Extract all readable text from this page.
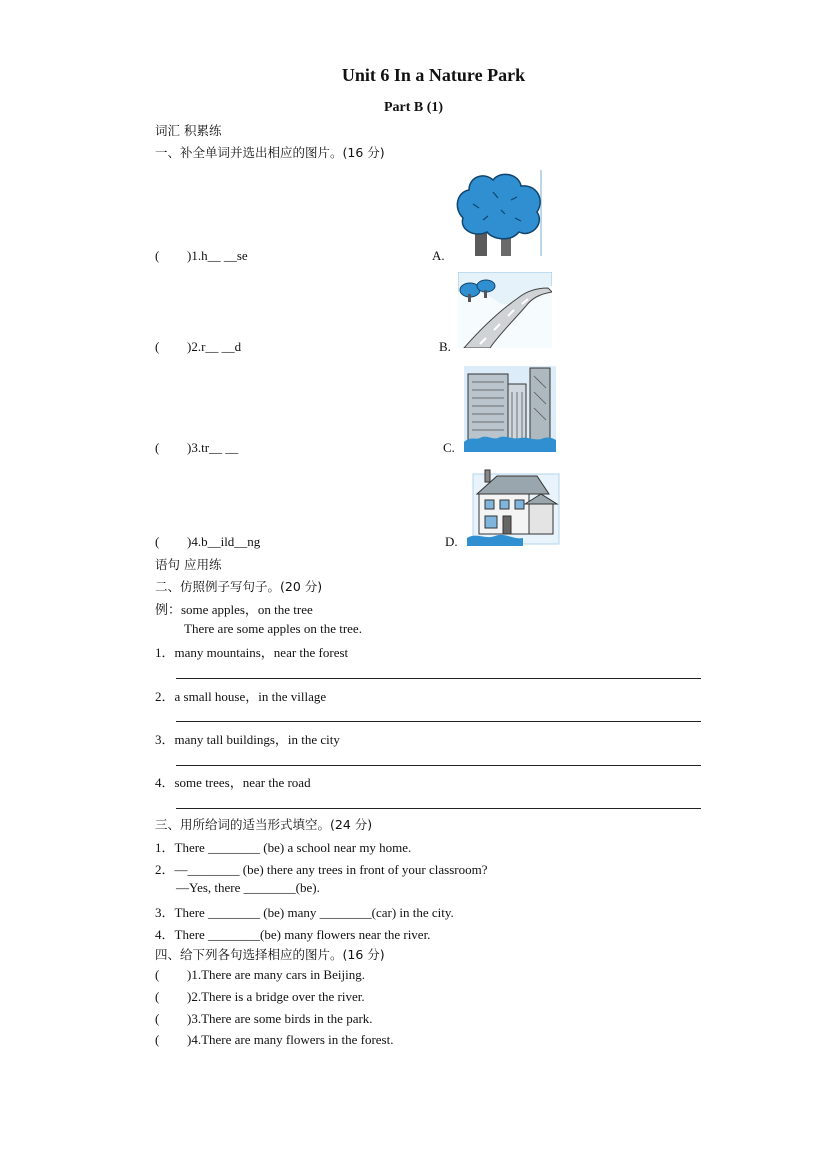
Unit 6 In a Nature Park
Part B (1)
词汇 积累练
一、补全单词并选出相应的图片。(16 分)
( )1.h__ __se	A.
( )2.r__ __d	B.
( )3.tr__ __	C.
( )4.b__ild__ng	D.
语句 应用练
二、仿照例子写句子。(20 分)
例：some apples，on the tree
There are some apples on the tree.
1．many mountains，near the forest
2．a small house，in the village
3．many tall buildings，in the city
4．some trees，near the road
三、用所给词的适当形式填空。(24 分)
1．There ________ (be) a school near my home.
2．—________ (be) there any trees in front of your classroom?
—Yes, there ________(be).
3．There ________ (be) many ________(car) in the city.
4．There ________(be) many flowers near the river.
四、给下列各句选择相应的图片。(16 分)
( )1.There are many cars in Beijing.
( )2.There is a bridge over the river.
( )3.There are some birds in the park.
( )4.There are many flowers in the forest.
